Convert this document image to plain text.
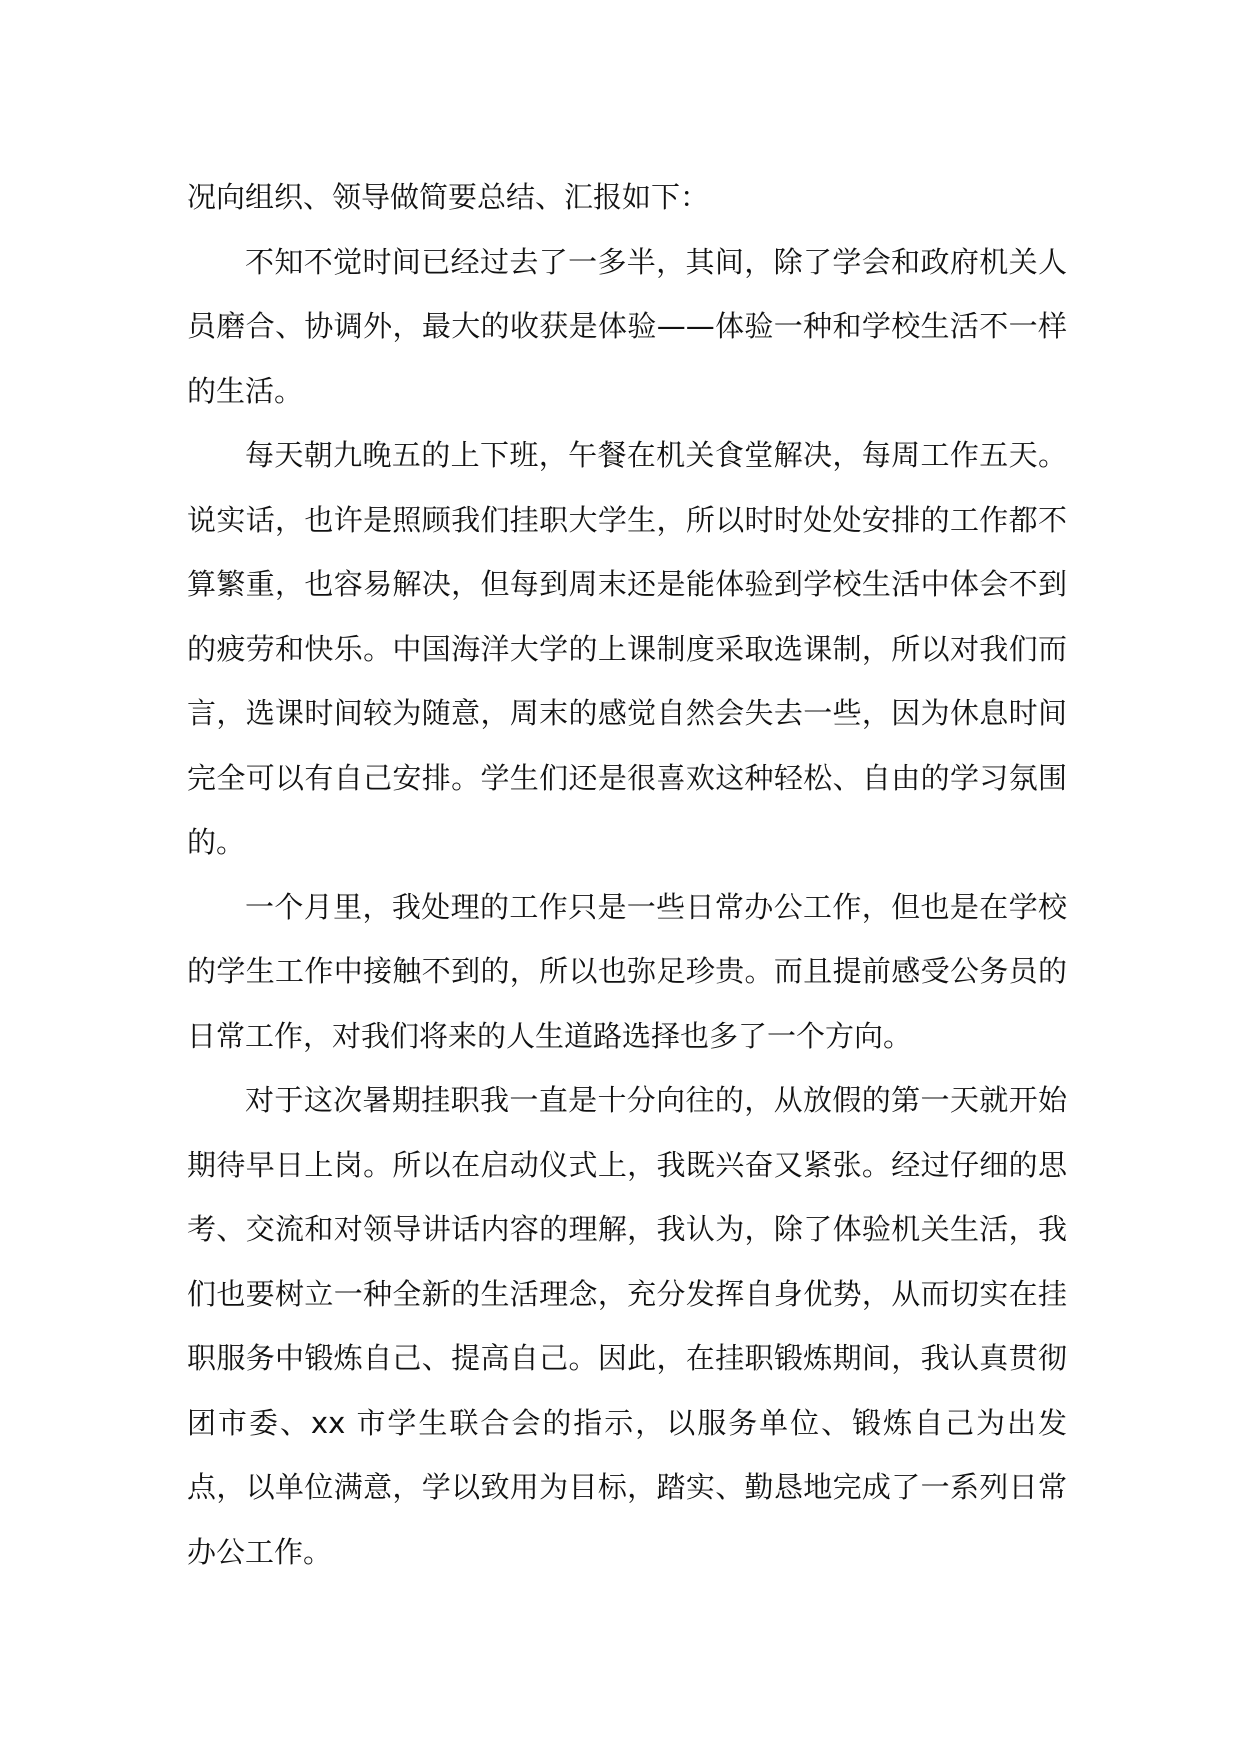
况向组织、领导做简要总结、汇报如下：

不知不觉时间已经过去了一多半，其间，除了学会和政府机关人员磨合、协调外，最大的收获是体验——体验一种和学校生活不一样的生活。

每天朝九晚五的上下班，午餐在机关食堂解决，每周工作五天。说实话，也许是照顾我们挂职大学生，所以时时处处安排的工作都不算繁重，也容易解决，但每到周末还是能体验到学校生活中体会不到的疲劳和快乐。中国海洋大学的上课制度采取选课制，所以对我们而言，选课时间较为随意，周末的感觉自然会失去一些，因为休息时间完全可以有自己安排。学生们还是很喜欢这种轻松、自由的学习氛围的。

一个月里，我处理的工作只是一些日常办公工作，但也是在学校的学生工作中接触不到的，所以也弥足珍贵。而且提前感受公务员的日常工作，对我们将来的人生道路选择也多了一个方向。

对于这次暑期挂职我一直是十分向往的，从放假的第一天就开始期待早日上岗。所以在启动仪式上，我既兴奋又紧张。经过仔细的思考、交流和对领导讲话内容的理解，我认为，除了体验机关生活，我们也要树立一种全新的生活理念，充分发挥自身优势，从而切实在挂职服务中锻炼自己、提高自己。因此，在挂职锻炼期间，我认真贯彻团市委、xx 市学生联合会的指示，以服务单位、锻炼自己为出发点，以单位满意，学以致用为目标，踏实、勤恳地完成了一系列日常办公工作。
